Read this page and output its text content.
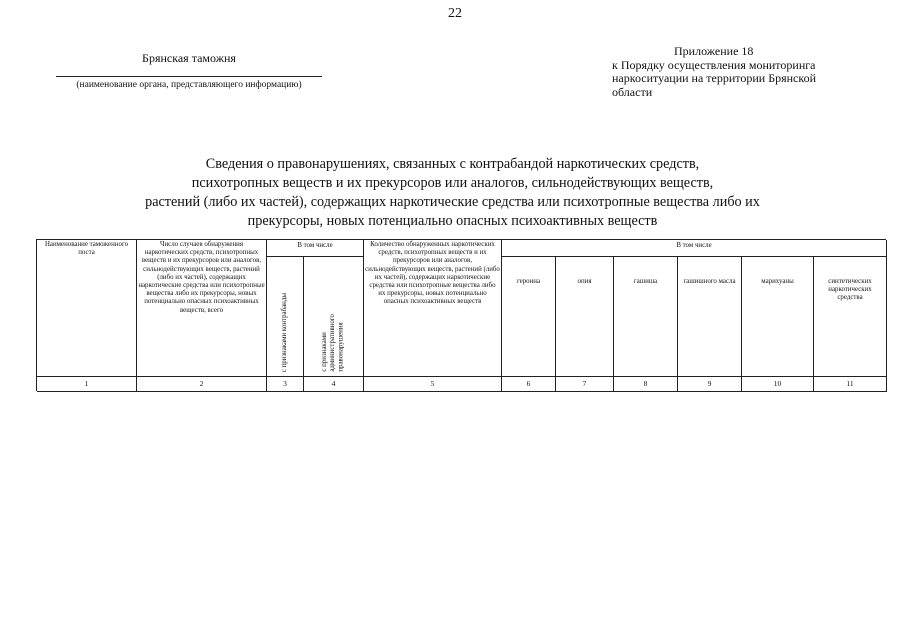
22
Брянская таможня
(наименование органа, представляющего информацию)
Приложение 18
к Порядку осуществления мониторинга
наркоситуации на территории Брянской
области
Сведения о правонарушениях, связанных с контрабандой наркотических средств,
психотропных веществ и их прекурсоров или аналогов, сильнодействующих веществ,
растений (либо их частей), содержащих наркотические средства или психотропные вещества либо их
прекурсоры, новых потенциально опасных психоактивных веществ
Наименование таможенного поста
Число случаев обнаружения наркотических средств, психотропных веществ и их прекурсоров или аналогов, сильнодействующих веществ, растений (либо их частей), содержащих наркотические средства или психотропные вещества либо их прекурсоры, новых потенциально опасных психоактивных веществ, всего
В том числе
с признаками контрабанды	с признаками
административного
правонарушения
Количество обнаруженных наркотических средств, психотропных веществ и их прекурсоров или аналогов, сильнодействующих веществ, растений (либо их частей), содержащих наркотические средства или психотропные вещества либо их прекурсоры, новых потенциально опасных психоактивных веществ
В том числе
героина	опия	гашиша	гашишного масла	марихуаны	синтетических наркотических средства
1	2	3	4	5	6	7	8	9	10	11
